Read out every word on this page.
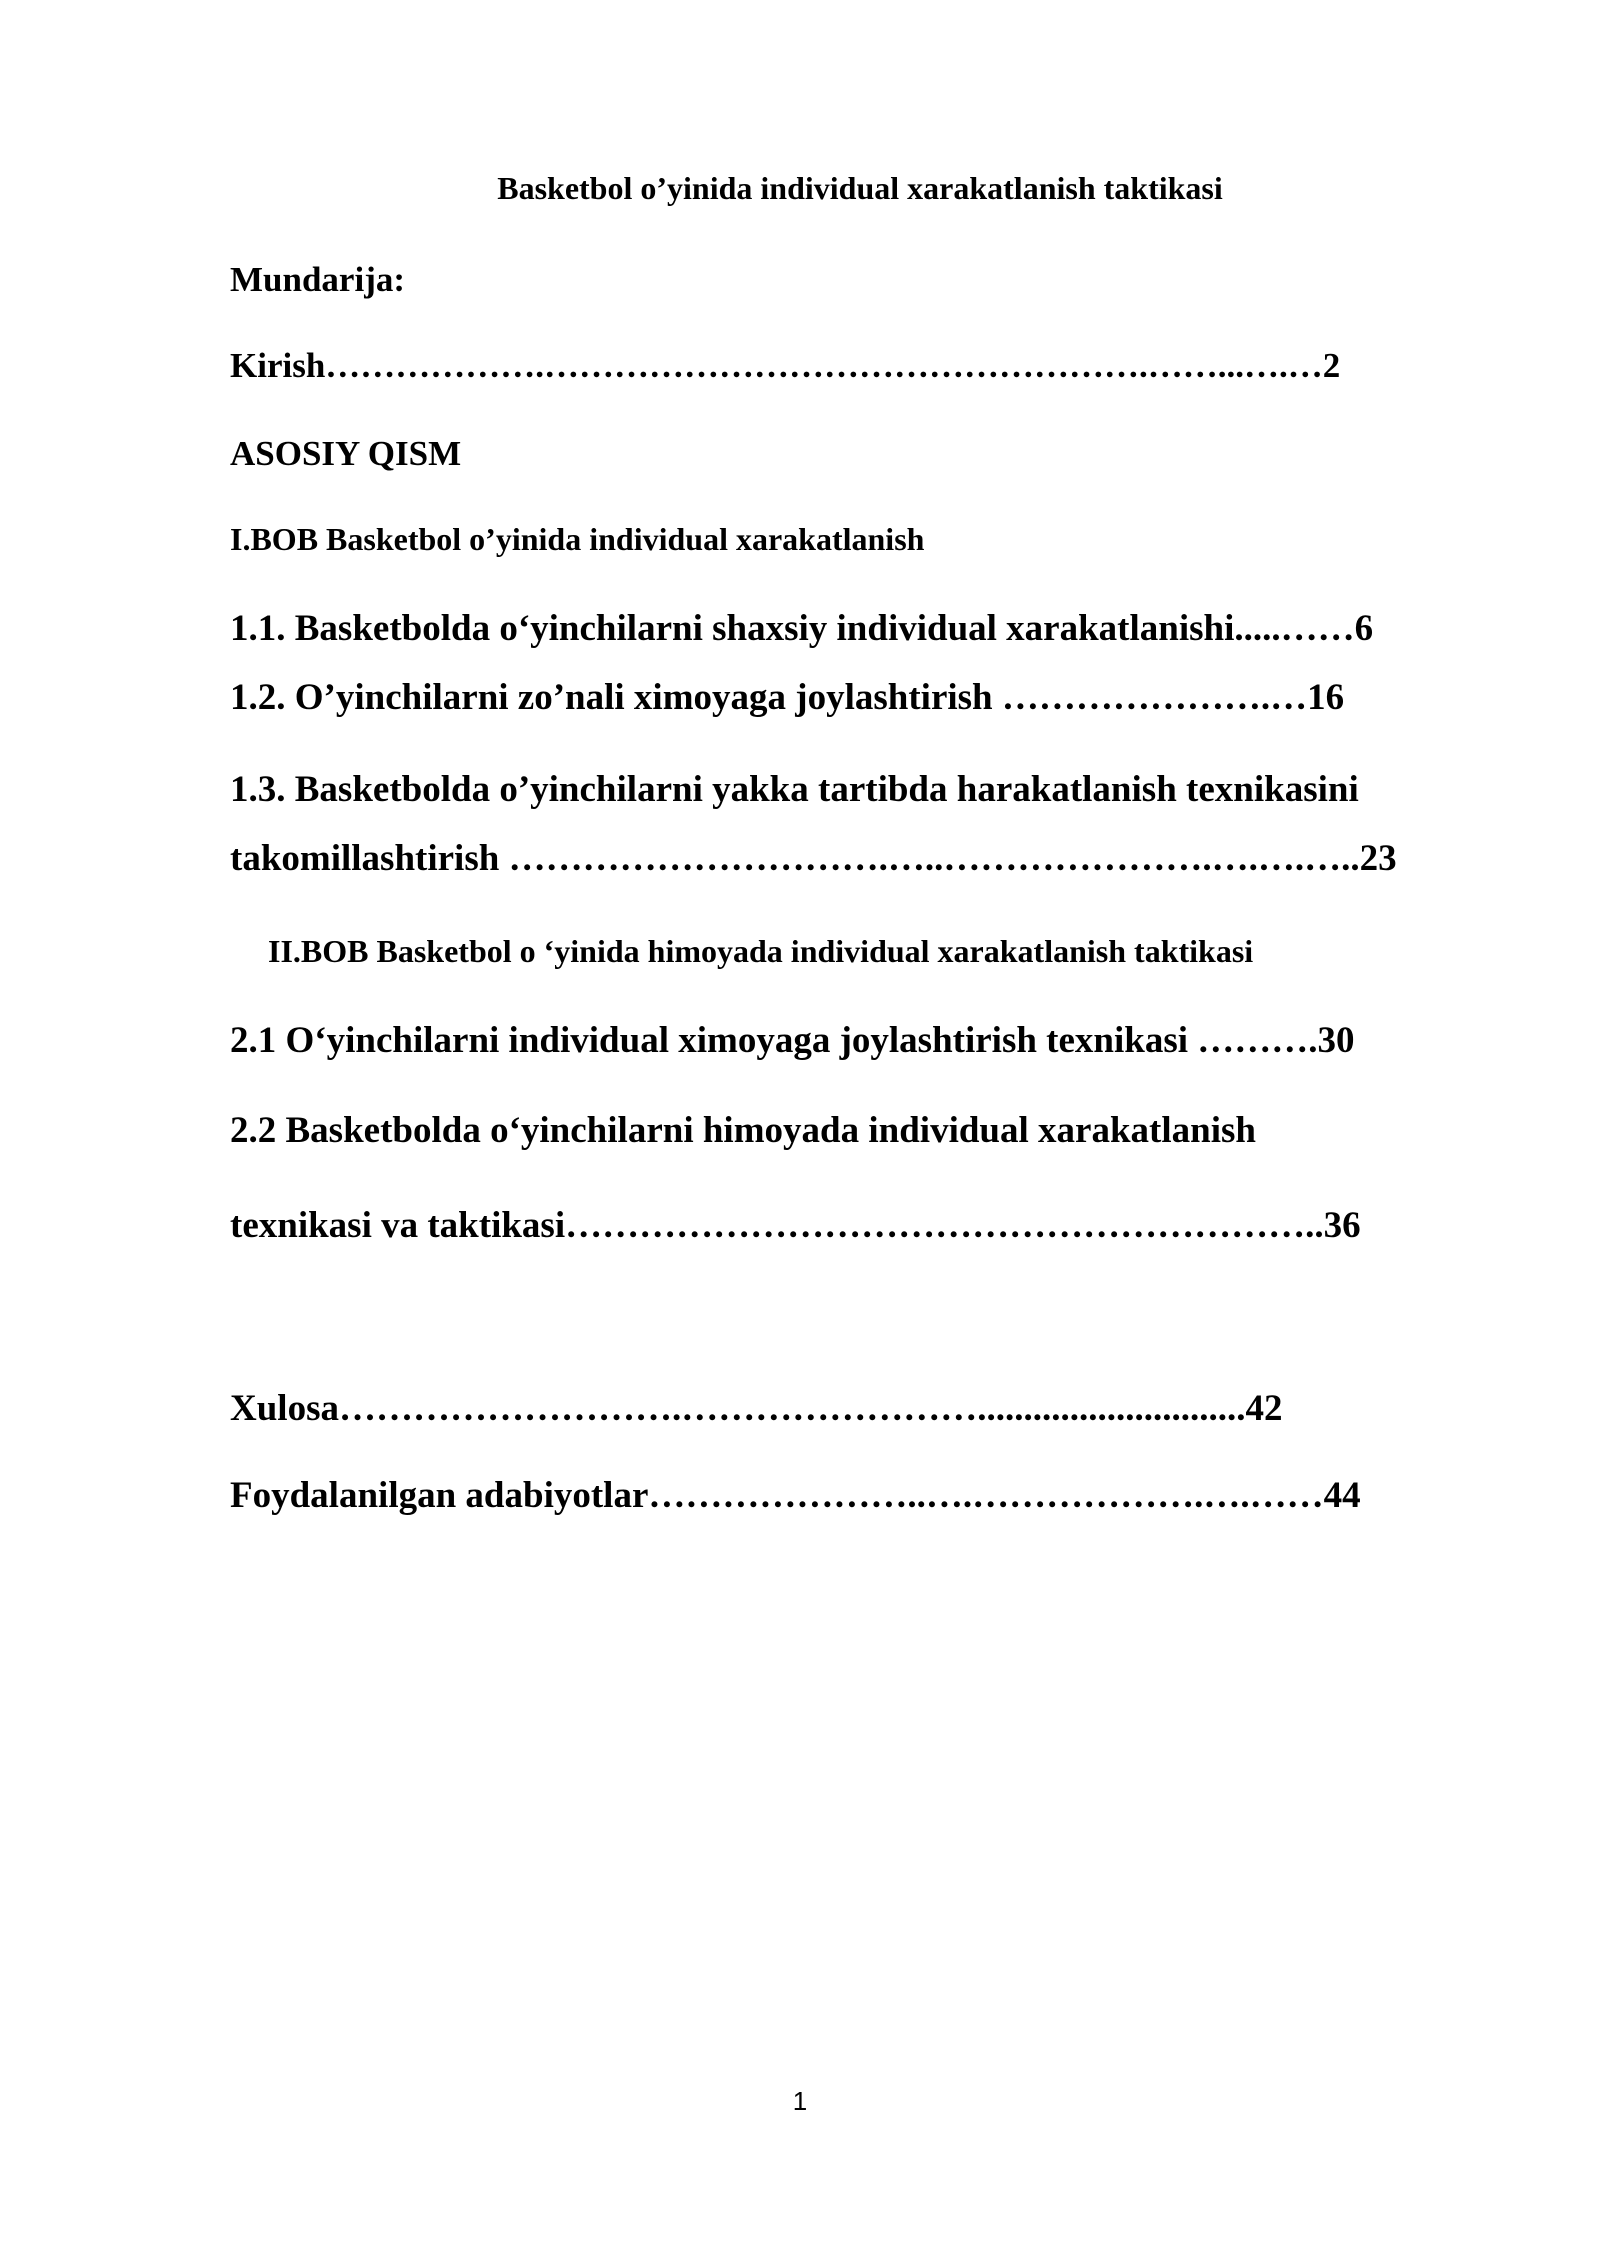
Basketbol o’yinida individual xarakatlanish taktikasi
Mundarija:
Kirish……………….…………………………………………….……...….…2
ASOSIY QISM
I.BOB Basketbol o’yinida individual xarakatlanish
1.1. Basketbolda o‘yinchilarni shaxsiy individual xarakatlanishi.....……6
1.2. O’yinchilarni zo’nali ximoyaga joylashtirish ………………….…16
1.3. Basketbolda o’yinchilarni yakka tartibda harakatlanish texnikasini
takomillashtirish ………………………….…..………………….….….…..23
II.BOB Basketbol o ‘yinida himoyada individual xarakatlanish taktikasi
2.1 O‘yinchilarni individual ximoyaga joylashtirish texnikasi ……….30
2.2 Basketbolda o‘yinchilarni himoyada individual xarakatlanish
texnikasi va taktikasi……………………………………………………..36
Xulosa……………………….…………………….............................42
Foydalanilgan adabiyotlar…………………..….……………….….……44
1
